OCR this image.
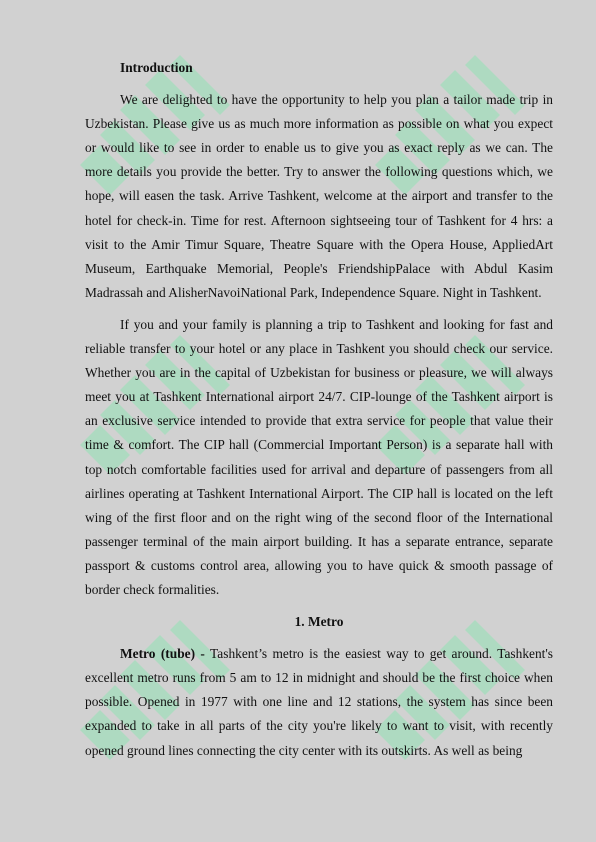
Introduction

We are delighted to have the opportunity to help you plan a tailor made trip in Uzbekistan. Please give us as much more information as possible on what you expect or would like to see in order to enable us to give you as exact reply as we can. The more details you provide the better. Try to answer the following questions which, we hope, will easen the task. Arrive Tashkent, welcome at the airport and transfer to the hotel for check-in. Time for rest. Afternoon sightseeing tour of Tashkent for 4 hrs: a visit to the Amir Timur Square, Theatre Square with the Opera House, AppliedArt Museum, Earthquake Memorial, People's FriendshipPalace with Abdul Kasim Madrassah and AlisherNavoiNational Park, Independence Square. Night in Tashkent.

If you and your family is planning a trip to Tashkent and looking for fast and reliable transfer to your hotel or any place in Tashkent you should check our service. Whether you are in the capital of Uzbekistan for business or pleasure, we will always meet you at Tashkent International airport 24/7. CIP-lounge of the Tashkent airport is an exclusive service intended to provide that extra service for people that value their time & comfort. The CIP hall (Commercial Important Person) is a separate hall with top notch comfortable facilities used for arrival and departure of passengers from all airlines operating at Tashkent International Airport. The CIP hall is located on the left wing of the first floor and on the right wing of the second floor of the International passenger terminal of the main airport building. It has a separate entrance, separate passport & customs control area, allowing you to have quick & smooth passage of border check formalities.

1. Metro

Metro (tube) - Tashkent’s metro is the easiest way to get around. Tashkent's excellent metro runs from 5 am to 12 in midnight and should be the first choice when possible. Opened in 1977 with one line and 12 stations, the system has since been expanded to take in all parts of the city you're likely to want to visit, with recently opened ground lines connecting the city center with its outskirts. As well as being
